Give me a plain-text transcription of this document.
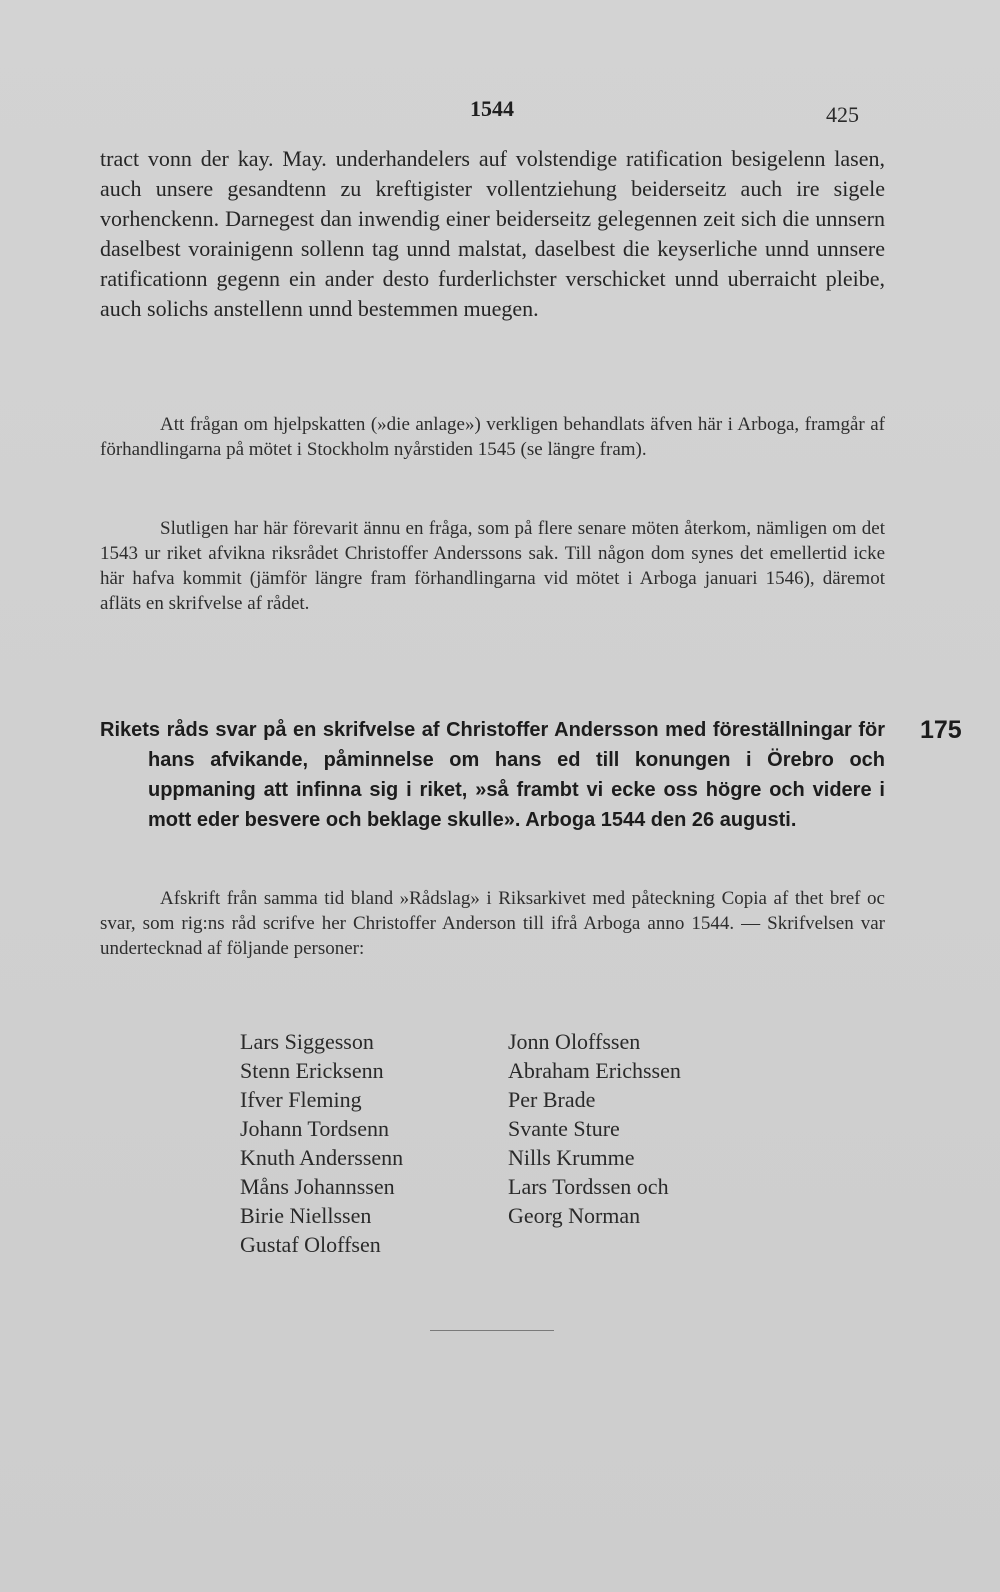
1544	425

tract vonn der kay. May. underhandelers auf volstendige ratification besigelenn lasen, auch unsere gesandtenn zu kreftigister vollentziehung beiderseitz auch ire sigele vorhenckenn. Darnegest dan inwendig einer beiderseitz gelegennen zeit sich die unnsern daselbest vorainigenn sollenn tag unnd malstat, daselbest die keyserliche unnd unnsere ratificationn gegenn ein ander desto furderlichster verschicket unnd uberraicht pleibe, auch solichs anstellenn unnd bestemmen muegen.

Att frågan om hjelpskatten (»die anlage») verkligen behandlats äfven här i Arboga, framgår af förhandlingarna på mötet i Stockholm nyårstiden 1545 (se längre fram).

Slutligen har här förevarit ännu en fråga, som på flere senare möten återkom, nämligen om det 1543 ur riket afvikna riksrådet Christoffer Anderssons sak. Till någon dom synes det emellertid icke här hafva kommit (jämför längre fram förhandlingarna vid mötet i Arboga januari 1546), däremot afläts en skrifvelse af rådet.

175
Rikets råds svar på en skrifvelse af Christoffer Andersson med föreställningar för hans afvikande, påminnelse om hans ed till konungen i Örebro och uppmaning att infinna sig i riket, »så frambt vi ecke oss högre och videre i mott eder besvere och beklage skulle». Arboga 1544 den 26 augusti.

Afskrift från samma tid bland »Rådslag» i Riksarkivet med påteckning Copia af thet bref oc svar, som rig:ns råd scrifve her Christoffer Anderson till ifrå Arboga anno 1544. — Skrifvelsen var undertecknad af följande personer:

Lars Siggesson
Stenn Ericksenn
Ifver Fleming
Johann Tordsenn
Knuth Anderssenn
Måns Johannssen
Birie Niellssen
Gustaf Oloffsen
Jonn Oloffssen
Abraham Erichssen
Per Brade
Svante Sture
Nills Krumme
Lars Tordssen och
Georg Norman
